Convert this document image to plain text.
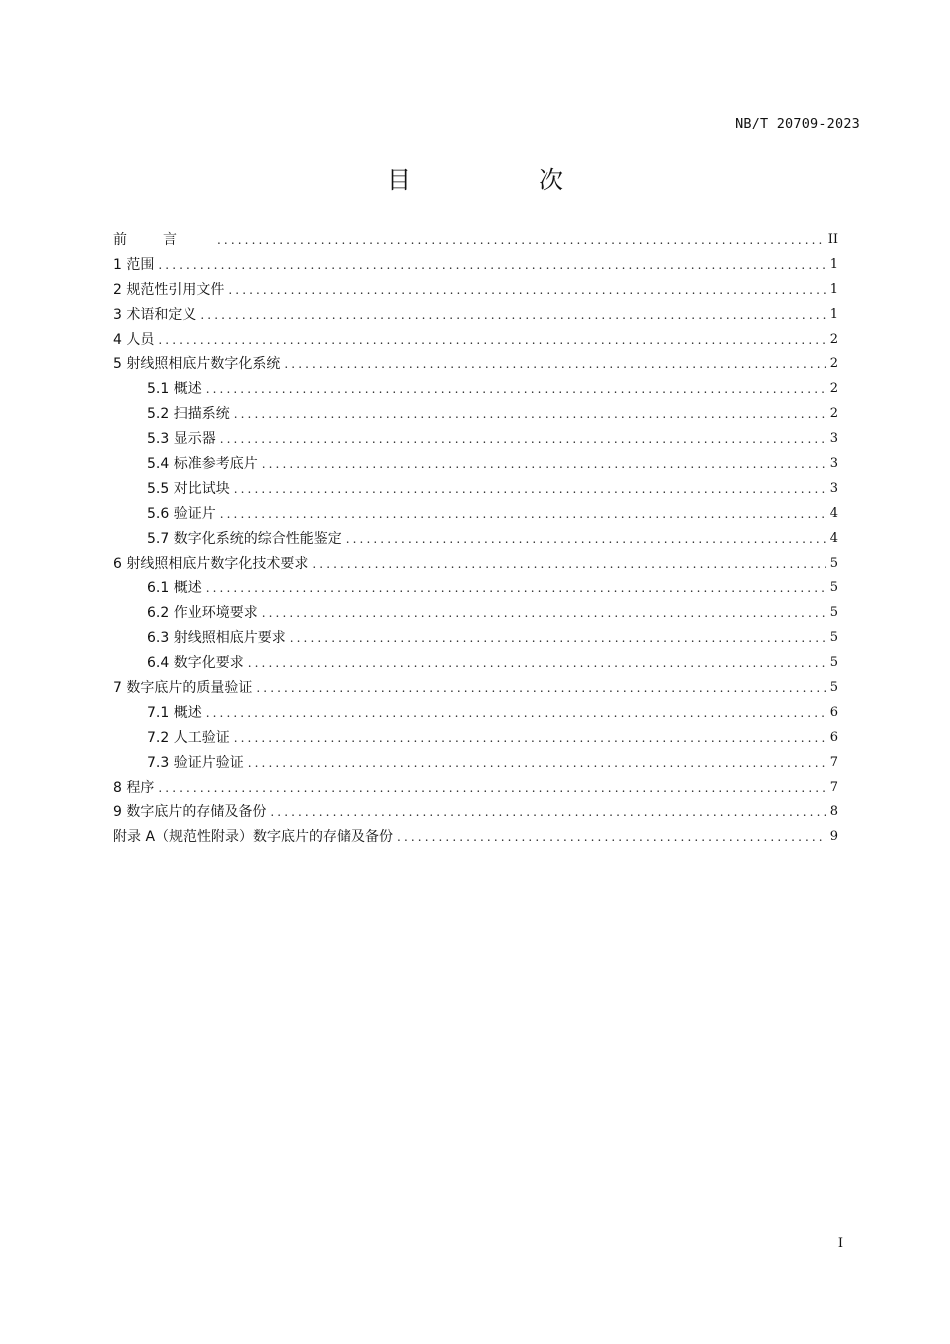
NB/T 20709-2023
目　次
前言 .....	II
1 范围 .....	1
2 规范性引用文件 .....	1
3 术语和定义 .....	1
4 人员 .....	2
5 射线照相底片数字化系统 .....	2
5.1 概述 .....	2
5.2 扫描系统 .....	2
5.3 显示器 .....	3
5.4 标准参考底片 .....	3
5.5 对比试块 .....	3
5.6 验证片 .....	4
5.7 数字化系统的综合性能鉴定 .....	4
6 射线照相底片数字化技术要求 .....	5
6.1 概述 .....	5
6.2 作业环境要求 .....	5
6.3 射线照相底片要求 .....	5
6.4 数字化要求 .....	5
7 数字底片的质量验证 .....	5
7.1 概述 .....	6
7.2 人工验证 .....	6
7.3 验证片验证 .....	7
8 程序 .....	7
9 数字底片的存储及备份 .....	8
附录 A（规范性附录）数字底片的存储及备份 .....	9
I
